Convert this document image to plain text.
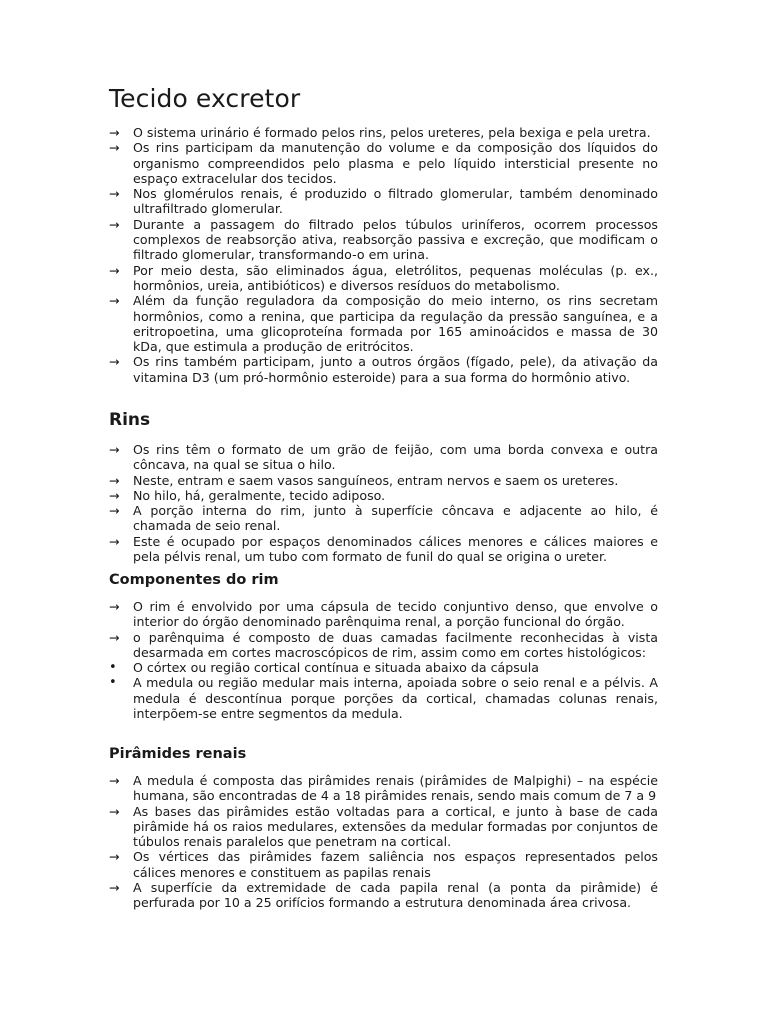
Tecido excretor
→	O sistema urinário é formado pelos rins, pelos ureteres, pela bexiga e pela uretra.
→	Os rins participam da manutenção do volume e da composição dos líquidos do organismo compreendidos pelo plasma e pelo líquido intersticial presente no espaço extracelular dos tecidos.
→	Nos glomérulos renais, é produzido o filtrado glomerular, também denominado ultrafiltrado glomerular.
→	Durante a passagem do filtrado pelos túbulos uriníferos, ocorrem processos complexos de reabsorção ativa, reabsorção passiva e excreção, que modificam o filtrado glomerular, transformando-o em urina.
→	Por meio desta, são eliminados água, eletrólitos, pequenas moléculas (p. ex., hormônios, ureia, antibióticos) e diversos resíduos do metabolismo.
→	Além da função reguladora da composição do meio interno, os rins secretam hormônios, como a renina, que participa da regulação da pressão sanguínea, e a eritropoetina, uma glicoproteína formada por 165 aminoácidos e massa de 30 kDa, que estimula a produção de eritrócitos.
→	Os rins também participam, junto a outros órgãos (fígado, pele), da ativação da vitamina D3 (um pró-hormônio esteroide) para a sua forma do hormônio ativo.
Rins
→	Os rins têm o formato de um grão de feijão, com uma borda convexa e outra côncava, na qual se situa o hilo.
→	Neste, entram e saem vasos sanguíneos, entram nervos e saem os ureteres.
→	No hilo, há, geralmente, tecido adiposo.
→	A porção interna do rim, junto à superfície côncava e adjacente ao hilo, é chamada de seio renal.
→	Este é ocupado por espaços denominados cálices menores e cálices maiores e pela pélvis renal, um tubo com formato de funil do qual se origina o ureter.
Componentes do rim
→	O rim é envolvido por uma cápsula de tecido conjuntivo denso, que envolve o interior do órgão denominado parênquima renal, a porção funcional do órgão.
→	o parênquima é composto de duas camadas facilmente reconhecidas à vista desarmada em cortes macroscópicos de rim, assim como em cortes histológicos:
•	O córtex ou região cortical contínua e situada abaixo da cápsula
•	A medula ou região medular mais interna, apoiada sobre o seio renal e a pélvis. A medula é descontínua porque porções da cortical, chamadas colunas renais, interpõem-se entre segmentos da medula.
Pirâmides renais
→	A medula é composta das pirâmides renais (pirâmides de Malpighi) – na espécie humana, são encontradas de 4 a 18 pirâmides renais, sendo mais comum de 7 a 9
→	As bases das pirâmides estão voltadas para a cortical, e junto à base de cada pirâmide há os raios medulares, extensões da medular formadas por conjuntos de túbulos renais paralelos que penetram na cortical.
→	Os vértices das pirâmides fazem saliência nos espaços representados pelos cálices menores e constituem as papilas renais
→	A superfície da extremidade de cada papila renal (a ponta da pirâmide) é perfurada por 10 a 25 orifícios formando a estrutura denominada área crivosa.
